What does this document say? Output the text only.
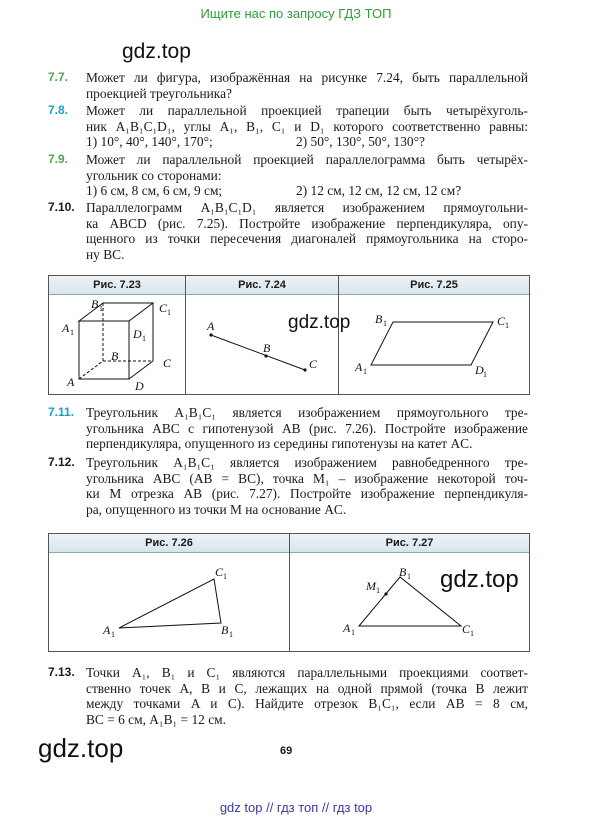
Ищите нас по запросу ГДЗ ТОП
gdz.top
7.7. Может ли фигура, изображённая на рисунке 7.24, быть параллельной
проекцией треугольника?
7.8. Может ли параллельной проекцией трапеции быть четырёхуголь-
ник A₁B₁C₁D₁, углы A₁, B₁, C₁ и D₁ которого соответственно равны:
1) 10°, 40°, 140°, 170°;	2) 50°, 130°, 50°, 130°?
7.9. Может ли параллельной проекцией параллелограмма быть четырёх-
угольник со сторонами:
1) 6 см, 8 см, 6 см, 9 см;	2) 12 см, 12 см, 12 см, 12 см?
7.10. Параллелограмм A₁B₁C₁D₁ является изображением прямоугольни-
ка ABCD (рис. 7.25). Постройте изображение перпендикуляра, опу-
щенного из точки пересечения диагоналей прямоугольника на сторо-
ну BC.
Рис. 7.23	Рис. 7.24	Рис. 7.25
B 1	C 1
A 1	D 1
B	C
A	D
A
B
C
B 1	C 1
A 1	D 1
gdz.top
7.11. Треугольник A₁B₁C₁ является изображением прямоугольного тре-
угольника ABC с гипотенузой AB (рис. 7.26). Постройте изображение
перпендикуляра, опущенного из середины гипотенузы на катет AC.
7.12. Треугольник A₁B₁C₁ является изображением равнобедренного тре-
угольника ABC (AB = BC), точка M₁ – изображение некоторой точ-
ки M отрезка AB (рис. 7.27). Постройте изображение перпендикуля-
ра, опущенного из точки M на основание AC.
Рис. 7.26	Рис. 7.27
C 1
A 1	B 1
B 1
M 1
A 1	C 1
gdz.top
7.13. Точки A₁, B₁ и C₁ являются параллельными проекциями соответ-
ственно точек A, B и C, лежащих на одной прямой (точка B лежит
между точками A и C). Найдите отрезок B₁C₁, если AB = 8 см,
BC = 6 см, A₁B₁ = 12 см.
gdz.top	69
gdz top // гдз топ // гдз top
